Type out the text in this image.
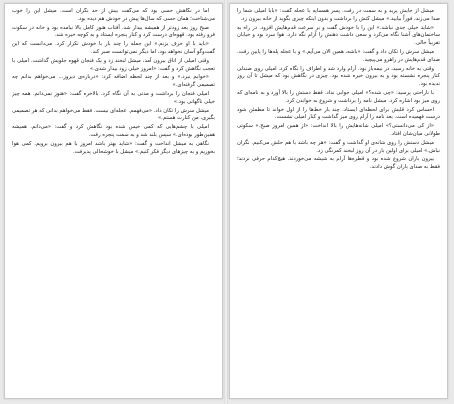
اما در نگاهش حسی بود که می‌گفت بیش از حد نگران است. میشل این را خوب می‌شناخت؛ همان حسی که سال‌ها پیش در خودش هم دیده بود.

صبح روز بعد زودتر از همیشه بیدار شد. آفتاب هنوز کامل بالا نیامده بود و خانه در سکوت فرو رفته بود. قهوه‌ای درست کرد و کنار پنجره ایستاد و به کوچه خیره شد.

«باید با او حرف بزنم.» این جمله را چند بار با خودش تکرار کرد. می‌دانست که این گفت‌وگو آسان نخواهد بود، اما دیگر نمی‌توانست صبر کند.

وقتی امیلی از اتاق بیرون آمد، میشل لبخند زد و یک فنجان قهوه جلویش گذاشت. امیلی با تعجب نگاهش کرد و گفت: «امروز خیلی زود بیدار شدی.»

«خوابم نبرد.» و بعد از چند لحظه اضافه کرد: «درباره‌ی دیروز... می‌خواهم بدانم چه تصمیمی گرفته‌ای.»

امیلی فنجان را برداشت و مدتی به آن نگاه کرد. بالاخره گفت: «هنوز نمی‌دانم. همه چیز خیلی ناگهانی بود.»

میشل سرش را تکان داد. «می‌فهمم. عجله‌ای نیست. فقط می‌خواهم بدانی که هر تصمیمی بگیری، من کنارت هستم.»

امیلی با چشم‌هایی که کمی خیس شده بود نگاهش کرد و گفت: «می‌دانم. همیشه همین‌طور بوده‌ای.» سپس بلند شد و به سمت پنجره رفت.

نگاهی به میشل انداخت و گفت: «شاید بهتر باشد امروز با هم بیرون برویم. کمی هوا بخوریم و به چیزهای دیگر فکر کنیم.» میشل با خوشحالی پذیرفت.

میشل از جایش پرید و به سمت در رفت. پسر همسایه با عجله گفت: «بابا امیلی شما را صدا می‌زند، فوراً بیایید.» میشل کتش را برداشت و بدون اینکه چیزی بگوید از خانه بیرون زد.

«شاید خیلی جدی نباشد.» این را با خودش گفت و بر سرعت قدم‌هایش افزود. در راه به ساختمان‌های آشنا نگاه می‌کرد و سعی داشت ذهنش را آرام نگه دارد. هوا سرد بود و خیابان تقریباً خالی.

میشل سرش را تکان داد و گفت: «باشه، همین الان می‌آیم.» و با عجله پله‌ها را پایین رفت. صدای قدم‌هایش در راهرو می‌پیچید.

وقتی به خانه رسید، در نیمه‌باز بود. آرام وارد شد و اطراف را نگاه کرد. امیلی روی صندلی کنار پنجره نشسته بود و به بیرون خیره شده بود. چیزی در نگاهش بود که میشل تا آن روز ندیده بود.

با ناراحتی پرسید: «چی شده؟» امیلی جوابی نداد. فقط دستش را بالا آورد و به نامه‌ای که روی میز بود اشاره کرد. میشل نامه را برداشت و شروع به خواندن کرد.

احساس کرد قلبش برای لحظه‌ای ایستاد. چند بار خط‌ها را از اول خواند تا مطمئن شود درست فهمیده است. بعد نامه را آرام روی میز گذاشت و کنار امیلی نشست.

«از کی می‌دانستی؟» امیلی شانه‌هایش را بالا انداخت: «از همین امروز صبح.» سکوتی طولانی میان‌شان افتاد.

میشل دستش را روی شانه‌ی او گذاشت و گفت: «هر چه باشد با هم حلش می‌کنیم. نگران نباش.» امیلی برای اولین بار در آن روز لبخند کمرنگی زد.

بیرون باران شروع شده بود و قطره‌ها آرام به شیشه می‌خوردند. هیچ‌کدام حرفی نزدند؛ فقط به صدای باران گوش دادند.
